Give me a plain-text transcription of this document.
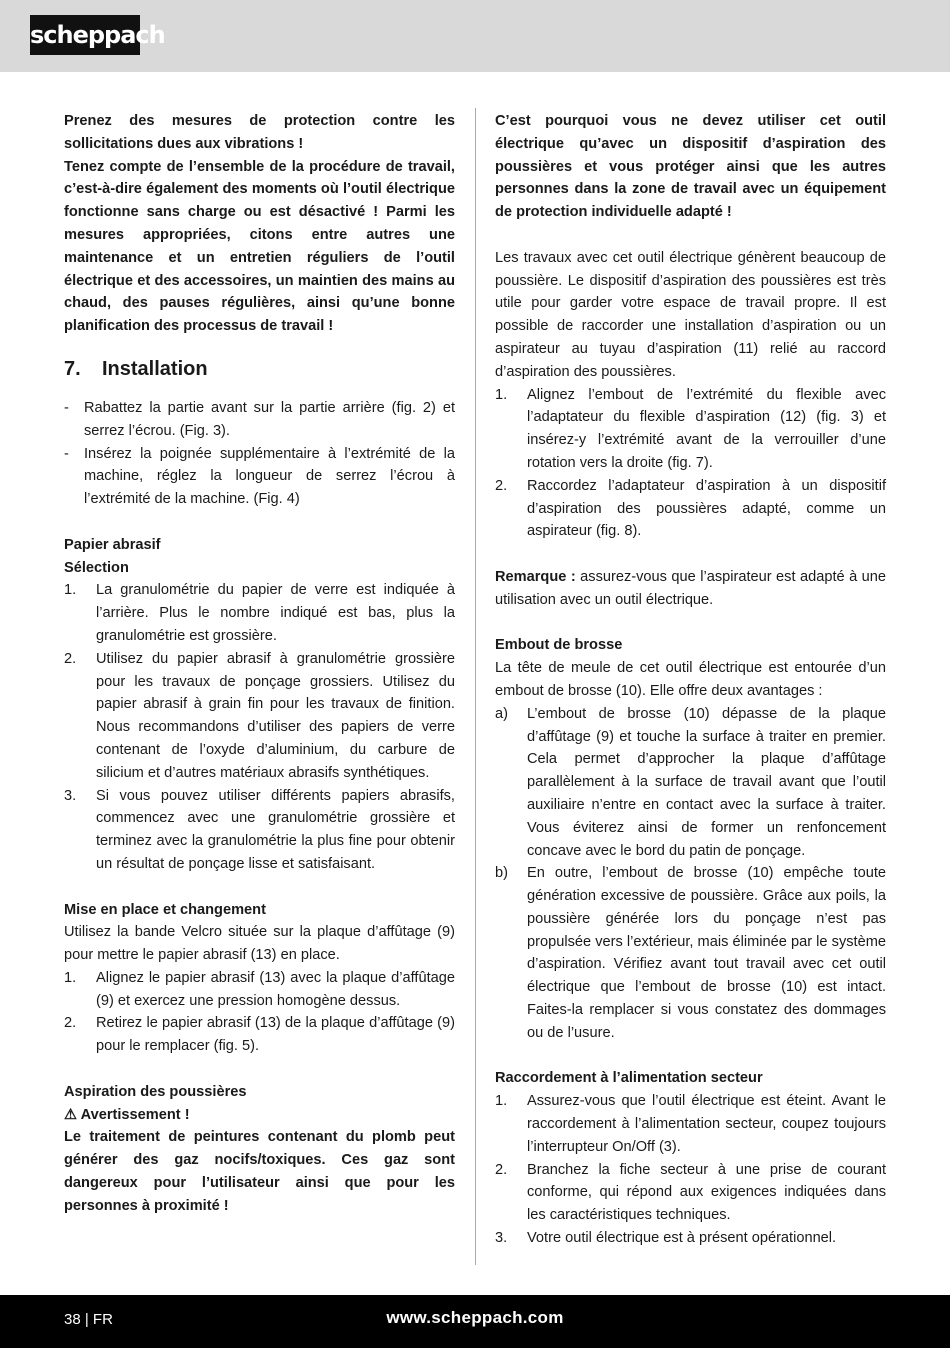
scheppach

Prenez des mesures de protection contre les sollicitations dues aux vibrations !

Tenez compte de l’ensemble de la procédure de travail, c’est-à-dire également des moments où l’outil électrique fonctionne sans charge ou est désactivé ! Parmi les mesures appropriées, citons entre autres une maintenance et un entretien réguliers de l’outil électrique et des accessoires, un maintien des mains au chaud, des pauses régulières, ainsi qu’une bonne planification des processus de travail !

7.	Installation
-	Rabattez la partie avant sur la partie arrière (fig. 2) et serrez l’écrou. (Fig. 3).
-	Insérez la poignée supplémentaire à l’extrémité de la machine, réglez la longueur de serrez l’écrou à l’extrémité de la machine. (Fig. 4)

Papier abrasif

Sélection

1.	La granulométrie du papier de verre est indiquée à l’arrière. Plus le nombre indiqué est bas, plus la granulométrie est grossière.
2.	Utilisez du papier abrasif à granulométrie grossière pour les travaux de ponçage grossiers. Utilisez du papier abrasif à grain fin pour les travaux de finition. Nous recommandons d’utiliser des papiers de verre contenant de l’oxyde d’aluminium, du carbure de silicium et d’autres matériaux abrasifs synthétiques.
3.	Si vous pouvez utiliser différents papiers abrasifs, commencez avec une granulométrie grossière et terminez avec la granulométrie la plus fine pour obtenir un résultat de ponçage lisse et satisfaisant.

Mise en place et changement

Utilisez la bande Velcro située sur la plaque d’affûtage (9) pour mettre le papier abrasif (13) en place.

1.	Alignez le papier abrasif (13) avec la plaque d’affûtage (9) et exercez une pression homogène dessus.
2.	Retirez le papier abrasif (13) de la plaque d’affûtage (9) pour le remplacer (fig. 5).

Aspiration des poussières

⚠ Avertissement !

Le traitement de peintures contenant du plomb peut générer des gaz nocifs/toxiques. Ces gaz sont dangereux pour l’utilisateur ainsi que pour les personnes à proximité !

C’est pourquoi vous ne devez utiliser cet outil électrique qu’avec un dispositif d’aspiration des poussières et vous protéger ainsi que les autres personnes dans la zone de travail avec un équipement de protection individuelle adapté !

Les travaux avec cet outil électrique génèrent beaucoup de poussière. Le dispositif d’aspiration des poussières est très utile pour garder votre espace de travail propre. Il est possible de raccorder une installation d’aspiration ou un aspirateur au tuyau d’aspiration (11) relié au raccord d’aspiration des poussières.

1.	Alignez l’embout de l’extrémité du flexible avec l’adaptateur du flexible d’aspiration (12) (fig. 3) et insérez-y l’extrémité avant de la verrouiller d’une rotation vers la droite (fig. 7).
2.	Raccordez l’adaptateur d’aspiration à un dispositif d’aspiration des poussières adapté, comme un aspirateur (fig. 8).

Remarque : assurez-vous que l’aspirateur est adapté à une utilisation avec un outil électrique.

Embout de brosse

La tête de meule de cet outil électrique est entourée d’un embout de brosse (10). Elle offre deux avantages :

a)	L’embout de brosse (10) dépasse de la plaque d’affûtage (9) et touche la surface à traiter en premier. Cela permet d’approcher la plaque d’affûtage parallèlement à la surface de travail avant que l’outil auxiliaire n’entre en contact avec la surface à traiter. Vous éviterez ainsi de former un renfoncement concave avec le bord du patin de ponçage.
b)	En outre, l’embout de brosse (10) empêche toute génération excessive de poussière. Grâce aux poils, la poussière générée lors du ponçage n’est pas propulsée vers l’extérieur, mais éliminée par le système d’aspiration. Vérifiez avant tout travail avec cet outil électrique que l’embout de brosse (10) est intact. Faites-la remplacer si vous constatez des dommages ou de l’usure.

Raccordement à l’alimentation secteur

1.	Assurez-vous que l’outil électrique est éteint. Avant le raccordement à l’alimentation secteur, coupez toujours l’interrupteur On/Off (3).
2.	Branchez la fiche secteur à une prise de courant conforme, qui répond aux exigences indiquées dans les caractéristiques techniques.
3.	Votre outil électrique est à présent opérationnel.
38 | FR	www.scheppach.com
